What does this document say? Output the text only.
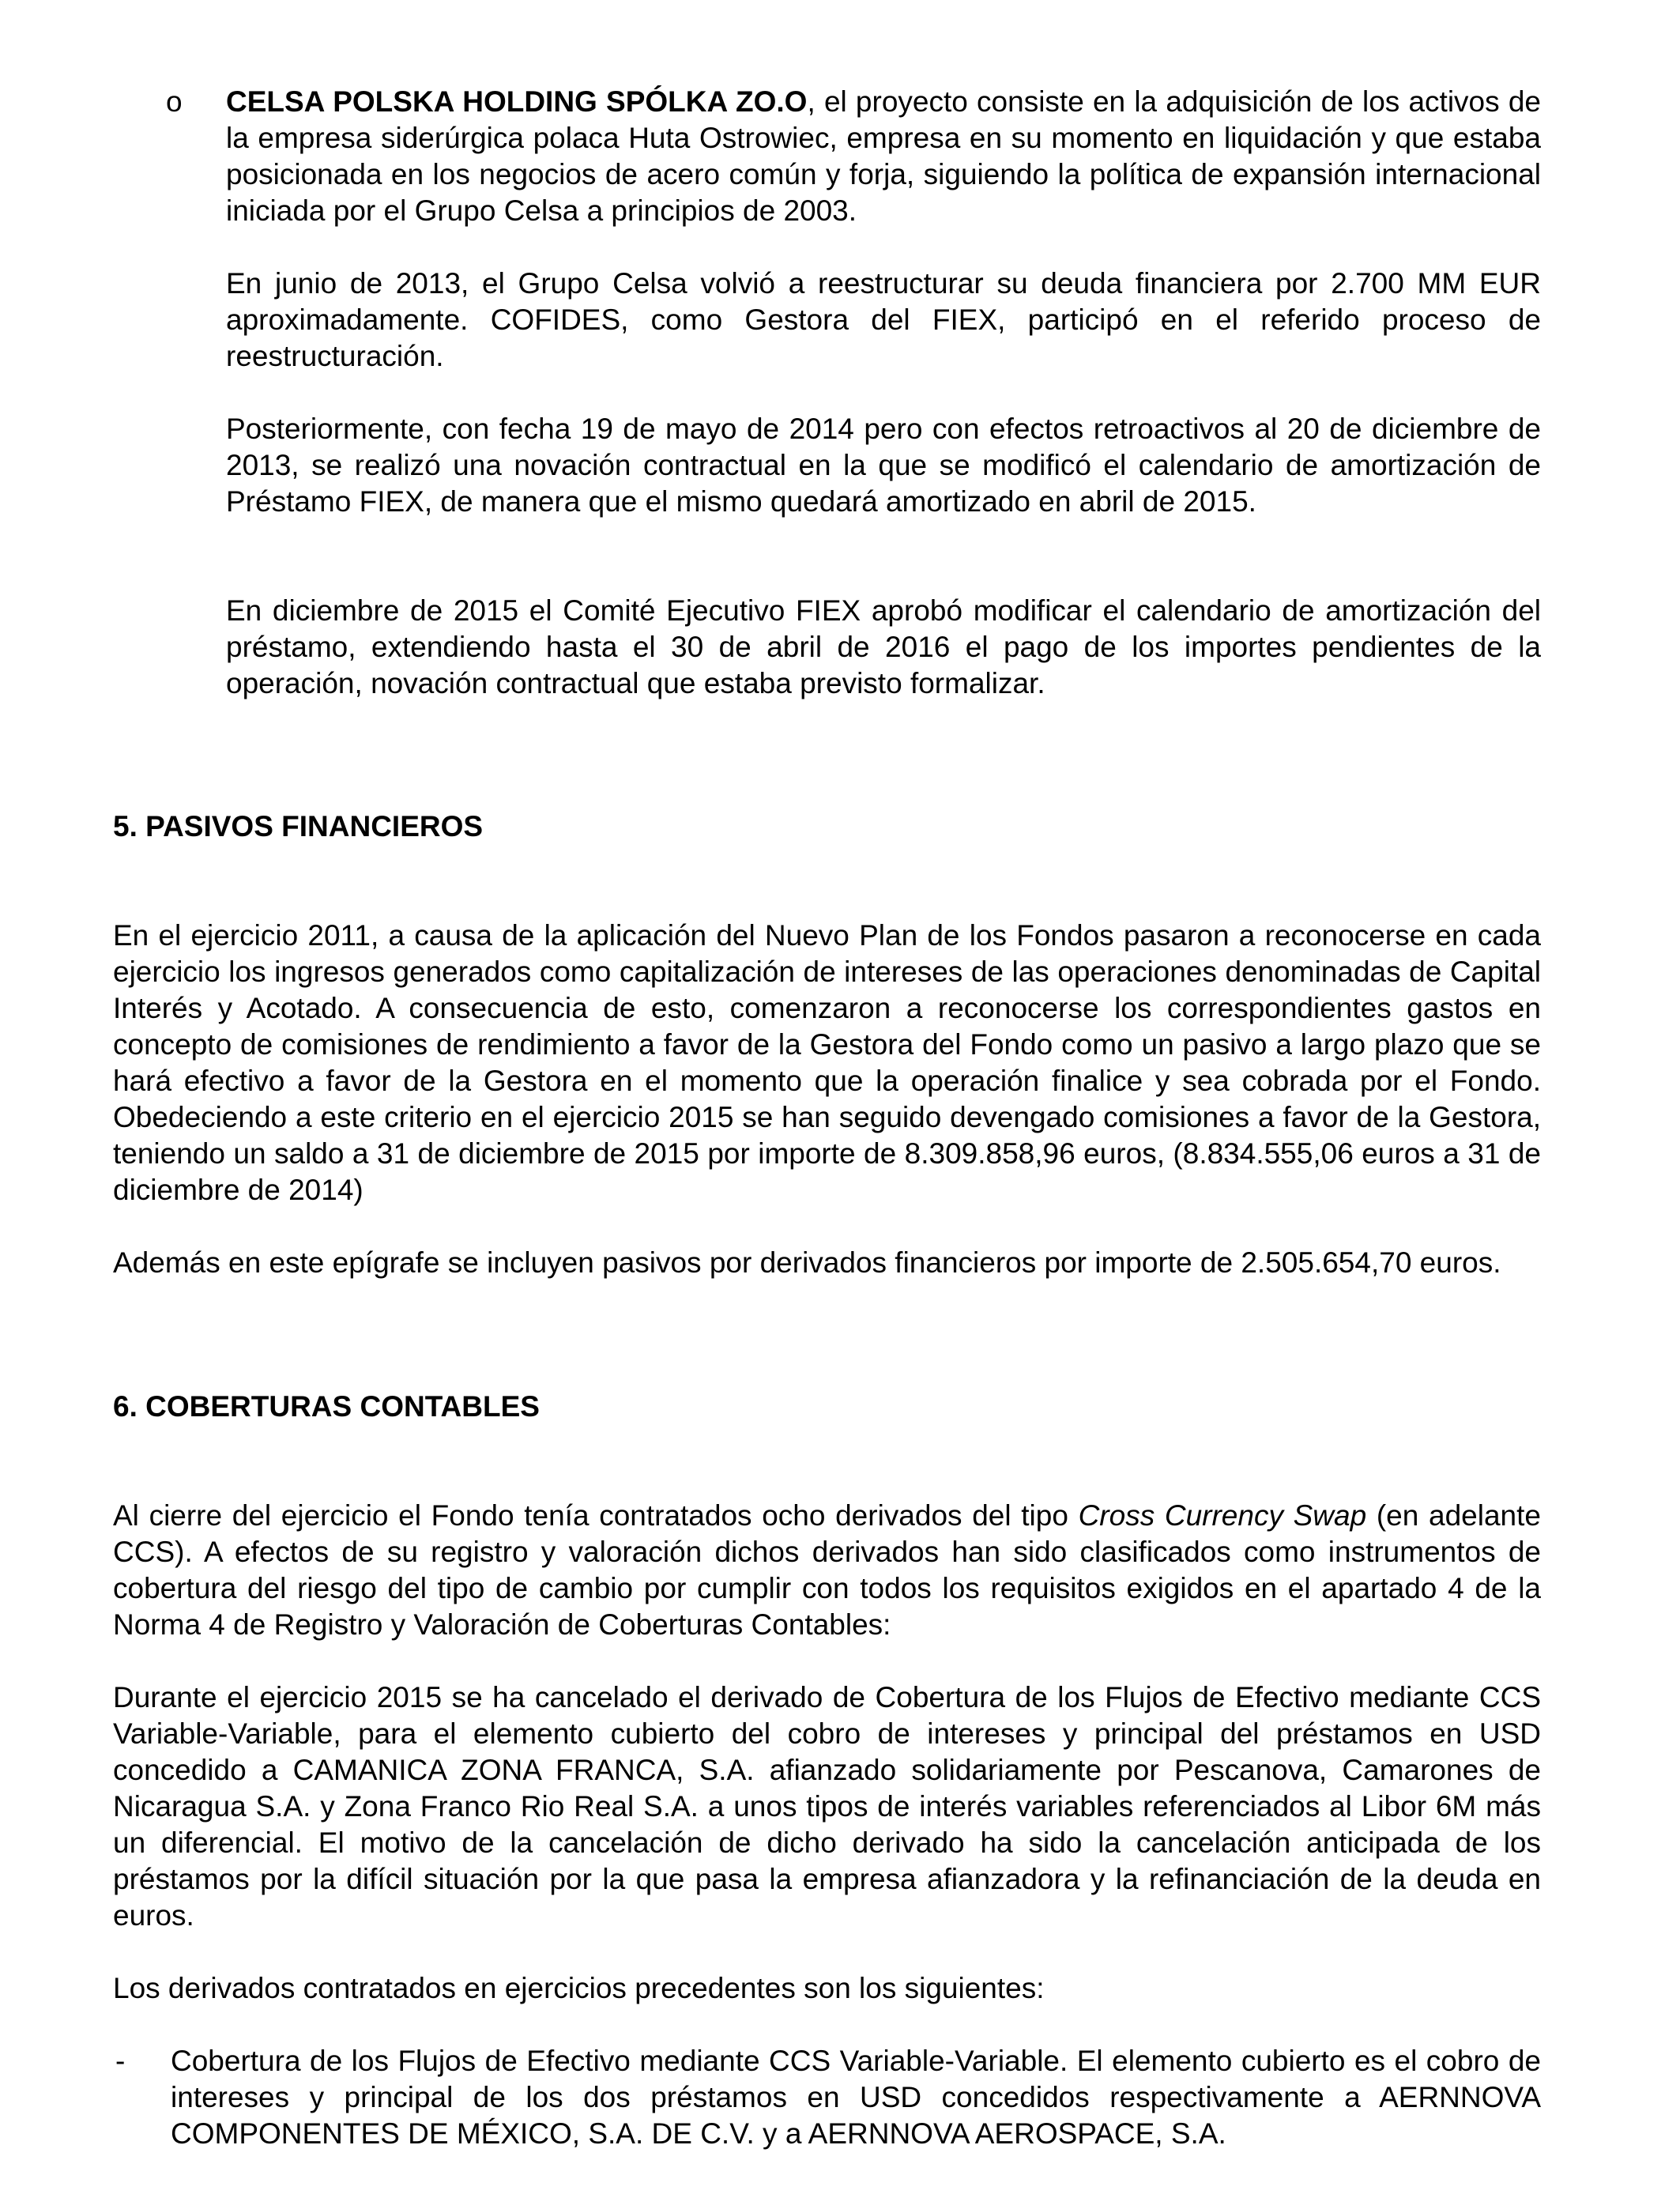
o CELSA POLSKA HOLDING SPÓLKA ZO.O, el proyecto consiste en la adquisición de los activos de la empresa siderúrgica polaca Huta Ostrowiec, empresa en su momento en liquidación y que estaba posicionada en los negocios de acero común y forja, siguiendo la política de expansión internacional iniciada por el Grupo Celsa a principios de 2003.

En junio de 2013, el Grupo Celsa volvió a reestructurar su deuda financiera por 2.700 MM EUR aproximadamente. COFIDES, como Gestora del FIEX, participó en el referido proceso de reestructuración.

Posteriormente, con fecha 19 de mayo de 2014 pero con efectos retroactivos al 20 de diciembre de 2013, se realizó una novación contractual en la que se modificó el calendario de amortización de Préstamo FIEX, de manera que el mismo quedará amortizado en abril de 2015.

En diciembre de 2015 el Comité Ejecutivo FIEX aprobó modificar el calendario de amortización del préstamo, extendiendo hasta el 30 de abril de 2016 el pago de los importes pendientes de la operación, novación contractual que estaba previsto formalizar.

5. PASIVOS FINANCIEROS

En el ejercicio 2011, a causa de la aplicación del Nuevo Plan de los Fondos pasaron a reconocerse en cada ejercicio los ingresos generados como capitalización de intereses de las operaciones denominadas de Capital Interés y Acotado. A consecuencia de esto, comenzaron a reconocerse los correspondientes gastos en concepto de comisiones de rendimiento a favor de la Gestora del Fondo como un pasivo a largo plazo que se hará efectivo a favor de la Gestora en el momento que la operación finalice y sea cobrada por el Fondo. Obedeciendo a este criterio en el ejercicio 2015 se han seguido devengado comisiones a favor de la Gestora, teniendo un saldo a 31 de diciembre de 2015 por importe de 8.309.858,96 euros, (8.834.555,06 euros a 31 de diciembre de 2014)

Además en este epígrafe se incluyen pasivos por derivados financieros por importe de 2.505.654,70 euros.

6. COBERTURAS CONTABLES

Al cierre del ejercicio el Fondo tenía contratados ocho derivados del tipo Cross Currency Swap (en adelante CCS). A efectos de su registro y valoración dichos derivados han sido clasificados como instrumentos de cobertura del riesgo del tipo de cambio por cumplir con todos los requisitos exigidos en el apartado 4 de la Norma 4 de Registro y Valoración de Coberturas Contables:

Durante el ejercicio 2015 se ha cancelado el derivado de Cobertura de los Flujos de Efectivo mediante CCS Variable-Variable, para el elemento cubierto del cobro de intereses y principal del préstamos en USD concedido a CAMANICA ZONA FRANCA, S.A. afianzado solidariamente por Pescanova, Camarones de Nicaragua S.A. y Zona Franco Rio Real S.A. a unos tipos de interés variables referenciados al Libor 6M más un diferencial. El motivo de la cancelación de dicho derivado ha sido la cancelación anticipada de los préstamos por la difícil situación por la que pasa la empresa afianzadora y la refinanciación de la deuda en euros.

Los derivados contratados en ejercicios precedentes son los siguientes:

- Cobertura de los Flujos de Efectivo mediante CCS Variable-Variable. El elemento cubierto es el cobro de intereses y principal de los dos préstamos en USD concedidos respectivamente a AERNNOVA COMPONENTES DE MÉXICO, S.A. DE C.V. y a AERNNOVA AEROSPACE, S.A.
